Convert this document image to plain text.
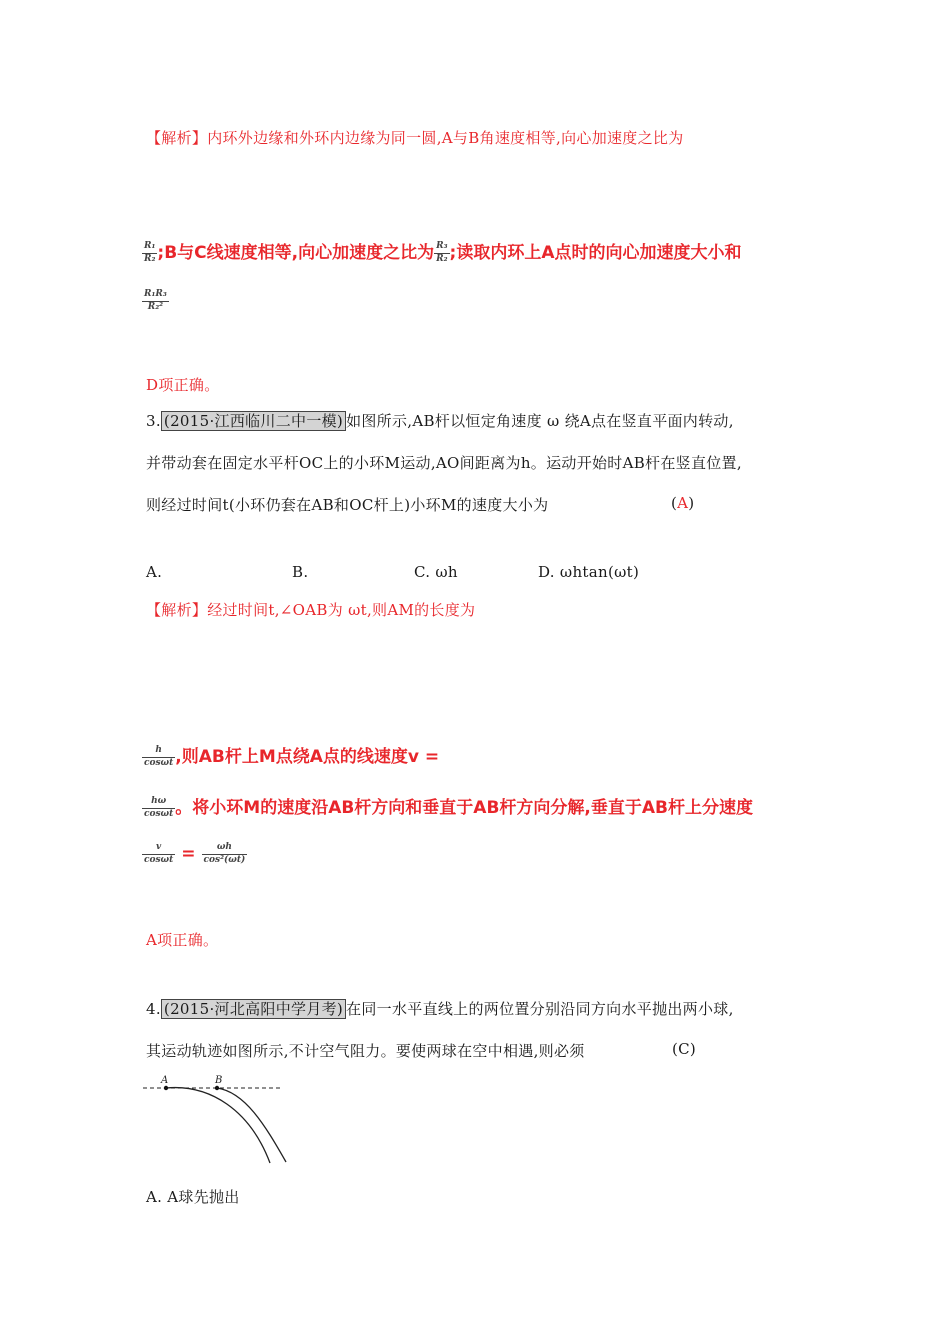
【解析】内环外边缘和外环内边缘为同一圆,A与B角速度相等,向心加速度之比为
$\frac{\text{R₁}}{\text{R₂}}$ ;B与C线速度相等,向心加速度之比为 $\frac{\text{R₃}}{\text{R₂}}$ ;读取内环上A点时的向心加速度大小和
$\frac{\text{R₁R₃}}{\text{R₂²}}$
D项正确。
3. (2015·江西临川二中一模) 如图所示,AB杆以恒定角速度 ω 绕A点在竖直平面内转动,
并带动套在固定水平杆OC上的小环M运动,AO间距离为h。运动开始时AB杆在竖直位置,
则经过时间t(小环仍套在AB和OC杆上)小环M的速度大小为	(A)
A.	B.	C. ωh	D. ωhtan(ωt)
【解析】经过时间t,∠OAB为 ωt,则AM的长度为
$\frac{h}{\cos\omega t}$ ,则AB杆上M点绕A点的线速度v =
$\frac{h\omega}{\cos\omega t}$ 。将小环M的速度沿AB杆方向和垂直于AB杆方向分解,垂直于AB杆上分速度
$\frac{v}{\cos\omega t} = \frac{\omega h}{\text{cos²(ωt)}}$
A项正确。
4. (2015·河北高阳中学月考) 在同一水平直线上的两位置分别沿同方向水平抛出两小球,
其运动轨迹如图所示,不计空气阻力。要使两球在空中相遇,则必须	(C)
A	B
A. A球先抛出
